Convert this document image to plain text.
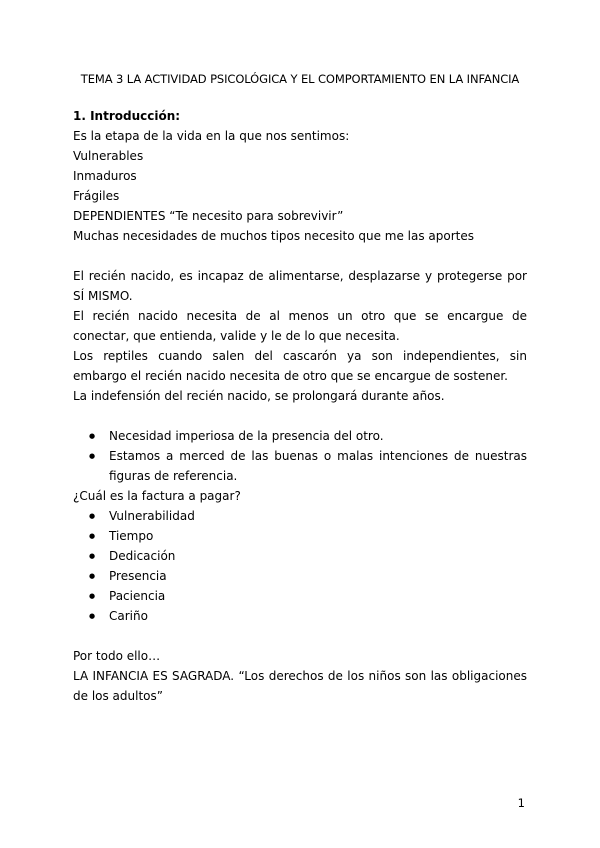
TEMA 3 LA ACTIVIDAD PSICOLÓGICA Y EL COMPORTAMIENTO EN LA INFANCIA

1. Introducción:

Es la etapa de la vida en la que nos sentimos:

Vulnerables

Inmaduros

Frágiles

DEPENDIENTES “Te necesito para sobrevivir”

Muchas necesidades de muchos tipos necesito que me las aportes

El recién nacido, es incapaz de alimentarse, desplazarse y protegerse por SÍ MISMO.

El recién nacido necesita de al menos un otro que se encargue de conectar, que entienda, valide y le de lo que necesita.

Los reptiles cuando salen del cascarón ya son independientes, sin embargo el recién nacido necesita de otro que se encargue de sostener.

La indefensión del recién nacido, se prolongará durante años.

● Necesidad imperiosa de la presencia del otro.
● Estamos a merced de las buenas o malas intenciones de nuestras figuras de referencia.

¿Cuál es la factura a pagar?

● Vulnerabilidad
● Tiempo
● Dedicación
● Presencia
● Paciencia
● Cariño

Por todo ello…

LA INFANCIA ES SAGRADA. “Los derechos de los niños son las obligaciones de los adultos”

1
